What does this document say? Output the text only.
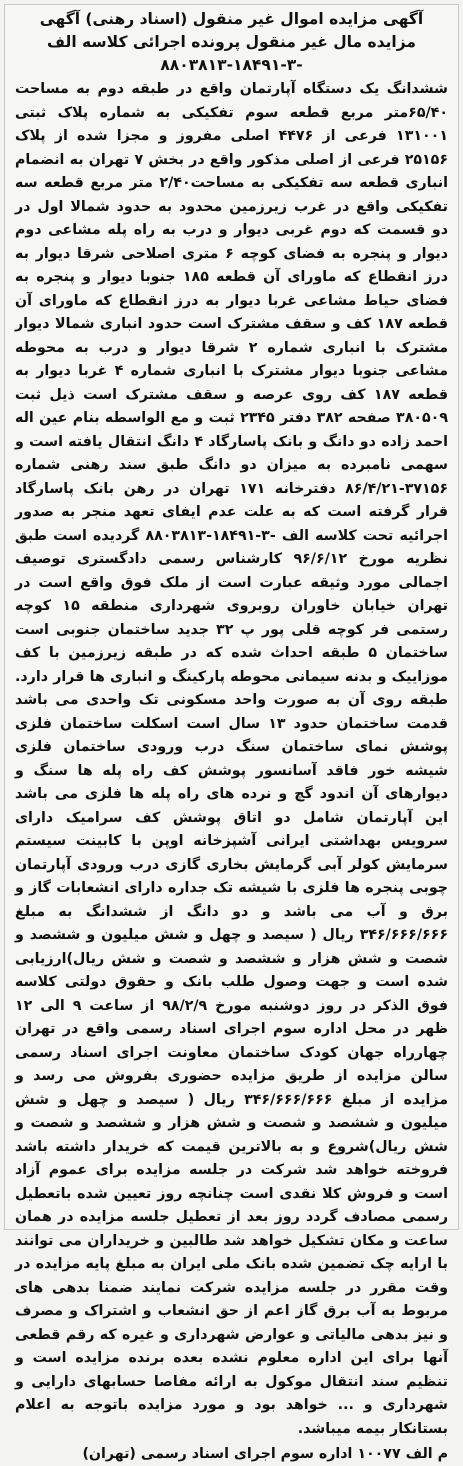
آگهی مزایده اموال غیر منقول (اسناد رهنی) آگهی مزایده مال غیر منقول پرونده اجرائی کلاسه الف -۳-۱۸۴۹۱-۸۸۰۳۸۱۳

ششدانگ یک دستگاه آپارتمان واقع در طبقه دوم به مساحت ۶۵/۴۰متر مربع قطعه سوم تفکیکی به شماره پلاک ثبتی ۱۳۱۰۰۱ فرعی از ۴۴۷۶ اصلی مفروز و مجزا شده از پلاک ۲۵۱۵۶ فرعی از اصلی مذکور واقع در بخش ۷ تهران به انضمام انباری قطعه سه تفکیکی به مساحت۲/۴۰ متر مربع قطعه سه تفکیکی واقع در غرب زیرزمین محدود به حدود شمالا اول در دو قسمت که دوم غربی دیوار و درب به راه پله مشاعی دوم دیوار و پنجره به فضای کوچه ۶ متری اصلاحی شرقا دیوار به درز انقطاع که ماورای آن قطعه ۱۸۵ جنوبا دیوار و پنجره به فضای حیاط مشاعی غربا دیوار به درز انقطاع که ماورای آن قطعه ۱۸۷ کف و سقف مشترک است حدود انباری شمالا دیوار مشترک با انباری شماره ۲ شرقا دیوار و درب به محوطه مشاعی جنوبا دیوار مشترک با انباری شماره ۴ غربا دیوار به قطعه ۱۸۷ کف روی عرصه و سقف مشترک است ذیل ثبت ۳۸۰۵۰۹ صفحه ۳۸۲ دفتر ۲۳۴۵ ثبت و مع الواسطه بنام عین اله احمد زاده دو دانگ و بانک پاسارگاد ۴ دانگ انتقال یافته است و سهمی نامبرده به میزان دو دانگ طبق سند رهنی شماره ۳۷۱۵۶-۸۶/۴/۲۱ دفترخانه ۱۷۱ تهران در رهن بانک پاسارگاد قرار گرفته است که به علت عدم ایفای تعهد منجر به صدور اجرائیه تحت کلاسه الف -۳-۱۸۴۹۱-۸۸۰۳۸۱۳ گردیده است طبق نظریه مورخ ۹۶/۶/۱۲ کارشناس رسمی دادگستری توصیف اجمالی مورد وثیقه عبارت است از ملک فوق واقع است در تهران خیابان خاوران روبروی شهرداری منطقه ۱۵ کوچه رستمی فر کوچه قلی پور پ ۳۲ جدید ساختمان جنوبی است ساختمان ۵ طبقه احداث شده که در طبقه زیرزمین با کف موزاییک و بدنه سیمانی محوطه پارکینگ و انباری ها قرار دارد. طبقه روی آن به صورت واحد مسکونی تک واحدی می باشد قدمت ساختمان حدود ۱۳ سال است اسکلت ساختمان فلزی پوشش نمای ساختمان سنگ درب ورودی ساختمان فلزی شیشه خور فاقد آسانسور پوشش کف راه پله ها سنگ و دیوارهای آن اندود گچ و نرده های راه پله ها فلزی می باشد این آپارتمان شامل دو اتاق پوشش کف سرامیک دارای سرویس بهداشتی ایرانی آشپزخانه اوپن با کابینت سیستم سرمایش کولر آبی گرمایش بخاری گازی درب ورودی آپارتمان چوبی پنجره ها فلزی با شیشه تک جداره دارای انشعابات گاز و برق و آب می باشد و دو دانگ از ششدانگ به مبلغ ۳۴۶/۶۶۶/۶۶۶ ریال ( سیصد و چهل و شش میلیون و ششصد و شصت و شش هزار و ششصد و شصت و شش ریال)ارزیابی شده است و جهت وصول طلب بانک و حقوق دولتی کلاسه فوق الذکر در روز دوشنبه مورخ ۹۸/۲/۹ از ساعت ۹ الی ۱۲ ظهر در محل اداره سوم اجرای اسناد رسمی واقع در تهران چهارراه جهان کودک ساختمان معاونت اجرای اسناد رسمی سالن مزایده از طریق مزایده حضوری بفروش می رسد و مزایده از مبلغ ۳۴۶/۶۶۶/۶۶۶ ریال ( سیصد و چهل و شش میلیون و ششصد و شصت و شش هزار و ششصد و شصت و شش ریال)شروع و به بالاترین قیمت که خریدار داشته باشد فروخته خواهد شد شرکت در جلسه مزایده برای عموم آزاد است و فروش کلا نقدی است چنانچه روز تعیین شده باتعطیل رسمی مصادف گردد روز بعد از تعطیل جلسه مزایده در همان ساعت و مکان تشکیل خواهد شد طالبین و خریداران می توانند با ارایه چک تضمین شده بانک ملی ایران به مبلغ پایه مزایده در وقت مقرر در جلسه مزایده شرکت نمایند ضمنا بدهی های مربوط به آب برق گاز اعم از حق انشعاب و اشتراک و مصرف و نیز بدهی مالیاتی و عوارض شهرداری و غیره که رقم قطعی آنها برای این اداره معلوم نشده بعده برنده مزایده است و تنظیم سند انتقال موکول به ارائه مفاصا حسابهای دارایی و شهرداری و ... خواهد بود و مورد مزایده باتوجه به اعلام بستانکار بیمه میباشد.

م الف ۱۰۰۷۷ اداره سوم اجرای اسناد رسمی (تهران)
